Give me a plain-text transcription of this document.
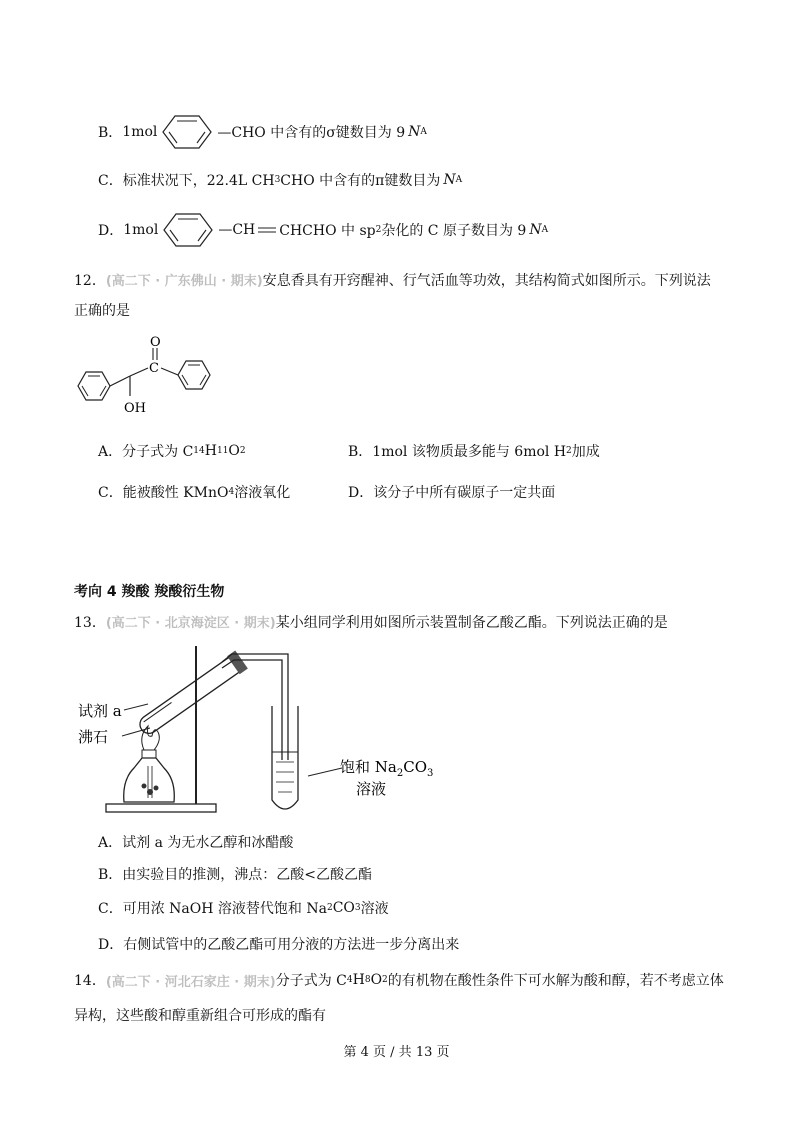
B． 1mol	—CHO 中含有的σ键数目为 9 N A
C． 标准状况下，22.4L CH 3 CHO 中含有的π键数目为 N A
D． 1mol	—CH CHCHO 中 sp 2 杂化的 C 原子数目为 9 N A
12．(高二下 · 广东佛山 · 期末)安息香具有开窍醒神、行气活血等功效，其结构简式如图所示。下列说法
正确的是
O
C
OH
A． 分子式为 C 14 H 11 O 2	B． 1mol 该物质最多能与 6mol H 2 加成
C． 能被酸性 KMnO 4 溶液氧化	D． 该分子中所有碳原子一定共面
考向 4 羧酸 羧酸衍生物
13．(高二下 · 北京海淀区 · 期末)某小组同学利用如图所示装置制备乙酸乙酯。下列说法正确的是
试剂 a
沸石
饱和 $Na_2CO_3$
溶液
A．试剂 a 为无水乙醇和冰醋酸
B．由实验目的推测，沸点：乙酸<乙酸乙酯
C． 可用浓 NaOH 溶液替代饱和 Na 2 CO 3 溶液
D．右侧试管中的乙酸乙酯可用分液的方法进一步分离出来
14． (高二下 · 河北石家庄 · 期末) 分子式为 C 4 H 8 O 2 的有机物在酸性条件下可水解为酸和醇，若不考虑立体
异构，这些酸和醇重新组合可形成的酯有
第 4 页 / 共 13 页
